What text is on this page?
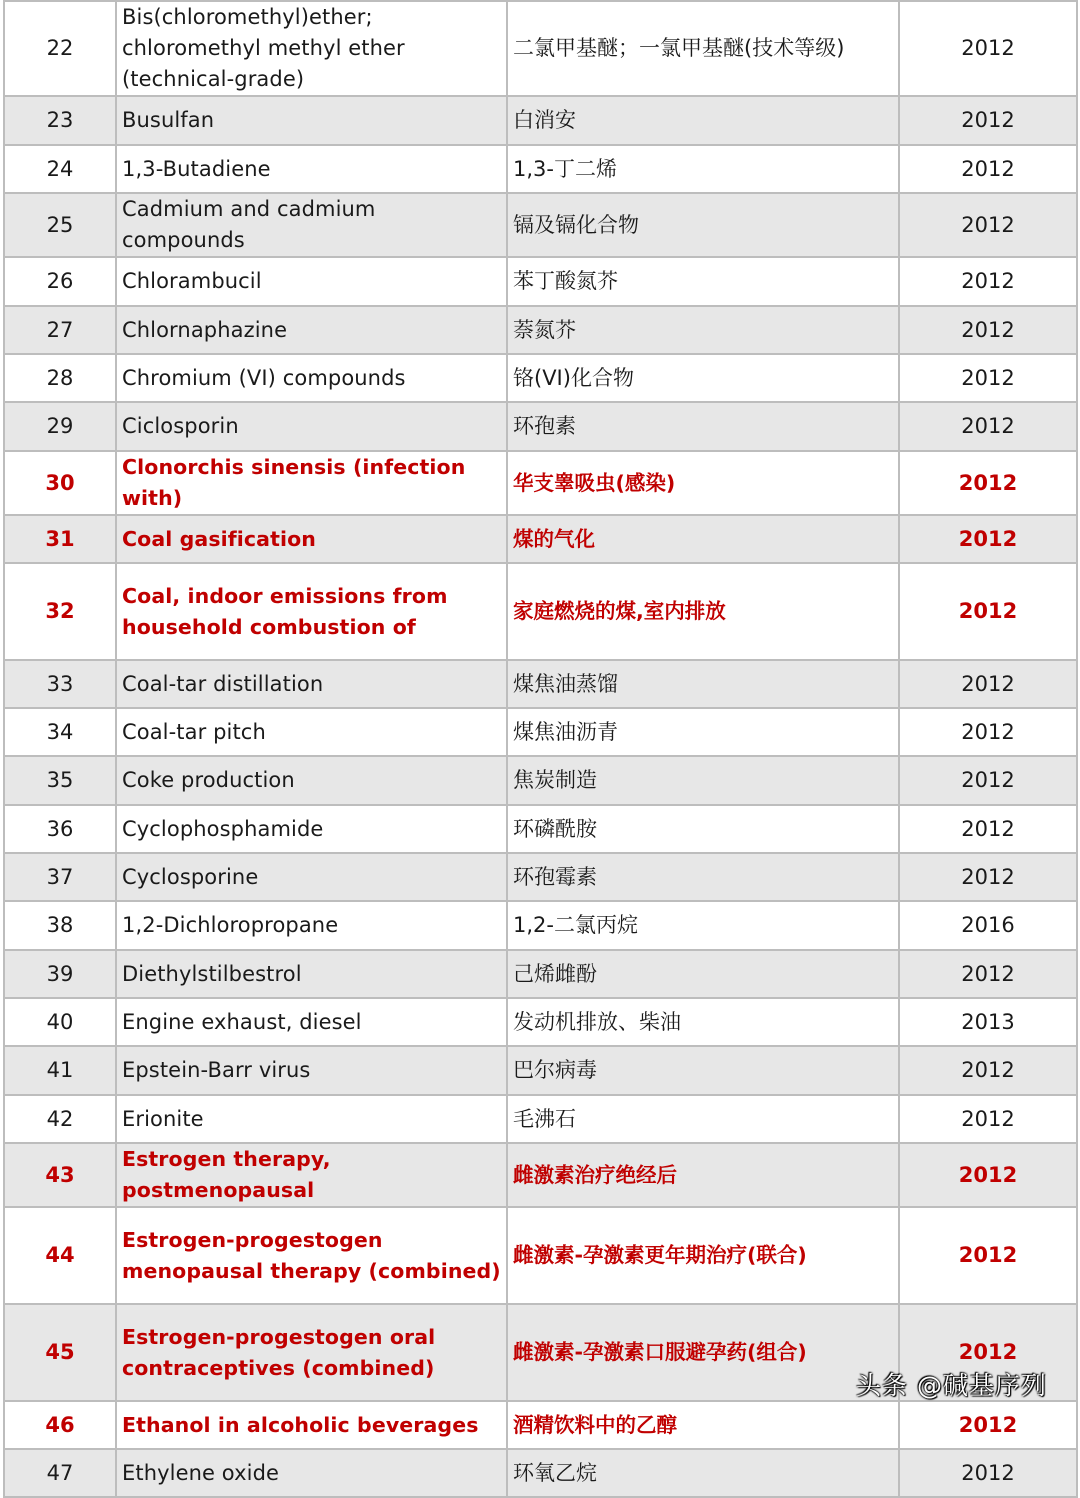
22	Bis(chloromethyl)ether; chloromethyl methyl ether (technical-grade)	二氯甲基醚；一氯甲基醚(技术等级)	2012
23	Busulfan	白消安	2012
24	1,3-Butadiene	1,3-丁二烯	2012
25	Cadmium and cadmium compounds	镉及镉化合物	2012
26	Chlorambucil	苯丁酸氮芥	2012
27	Chlornaphazine	萘氮芥	2012
28	Chromium (VI) compounds	铬(VI)化合物	2012
29	Ciclosporin	环孢素	2012
30	Clonorchis sinensis (infection with)	华支睾吸虫(感染)	2012
31	Coal gasification	煤的气化	2012
32	Coal, indoor emissions from household combustion of	家庭燃烧的煤,室内排放	2012
33	Coal-tar distillation	煤焦油蒸馏	2012
34	Coal-tar pitch	煤焦油沥青	2012
35	Coke production	焦炭制造	2012
36	Cyclophosphamide	环磷酰胺	2012
37	Cyclosporine	环孢霉素	2012
38	1,2-Dichloropropane	1,2-二氯丙烷	2016
39	Diethylstilbestrol	己烯雌酚	2012
40	Engine exhaust, diesel	发动机排放、柴油	2013
41	Epstein-Barr virus	巴尔病毒	2012
42	Erionite	毛沸石	2012
43	Estrogen therapy, postmenopausal	雌激素治疗绝经后	2012
44	Estrogen-progestogen menopausal therapy (combined)	雌激素-孕激素更年期治疗(联合)	2012
45	Estrogen-progestogen oral contraceptives (combined)	雌激素-孕激素口服避孕药(组合)	2012
46	Ethanol in alcoholic beverages	酒精饮料中的乙醇	2012
47	Ethylene oxide	环氧乙烷	2012
头条 @碱基序列
